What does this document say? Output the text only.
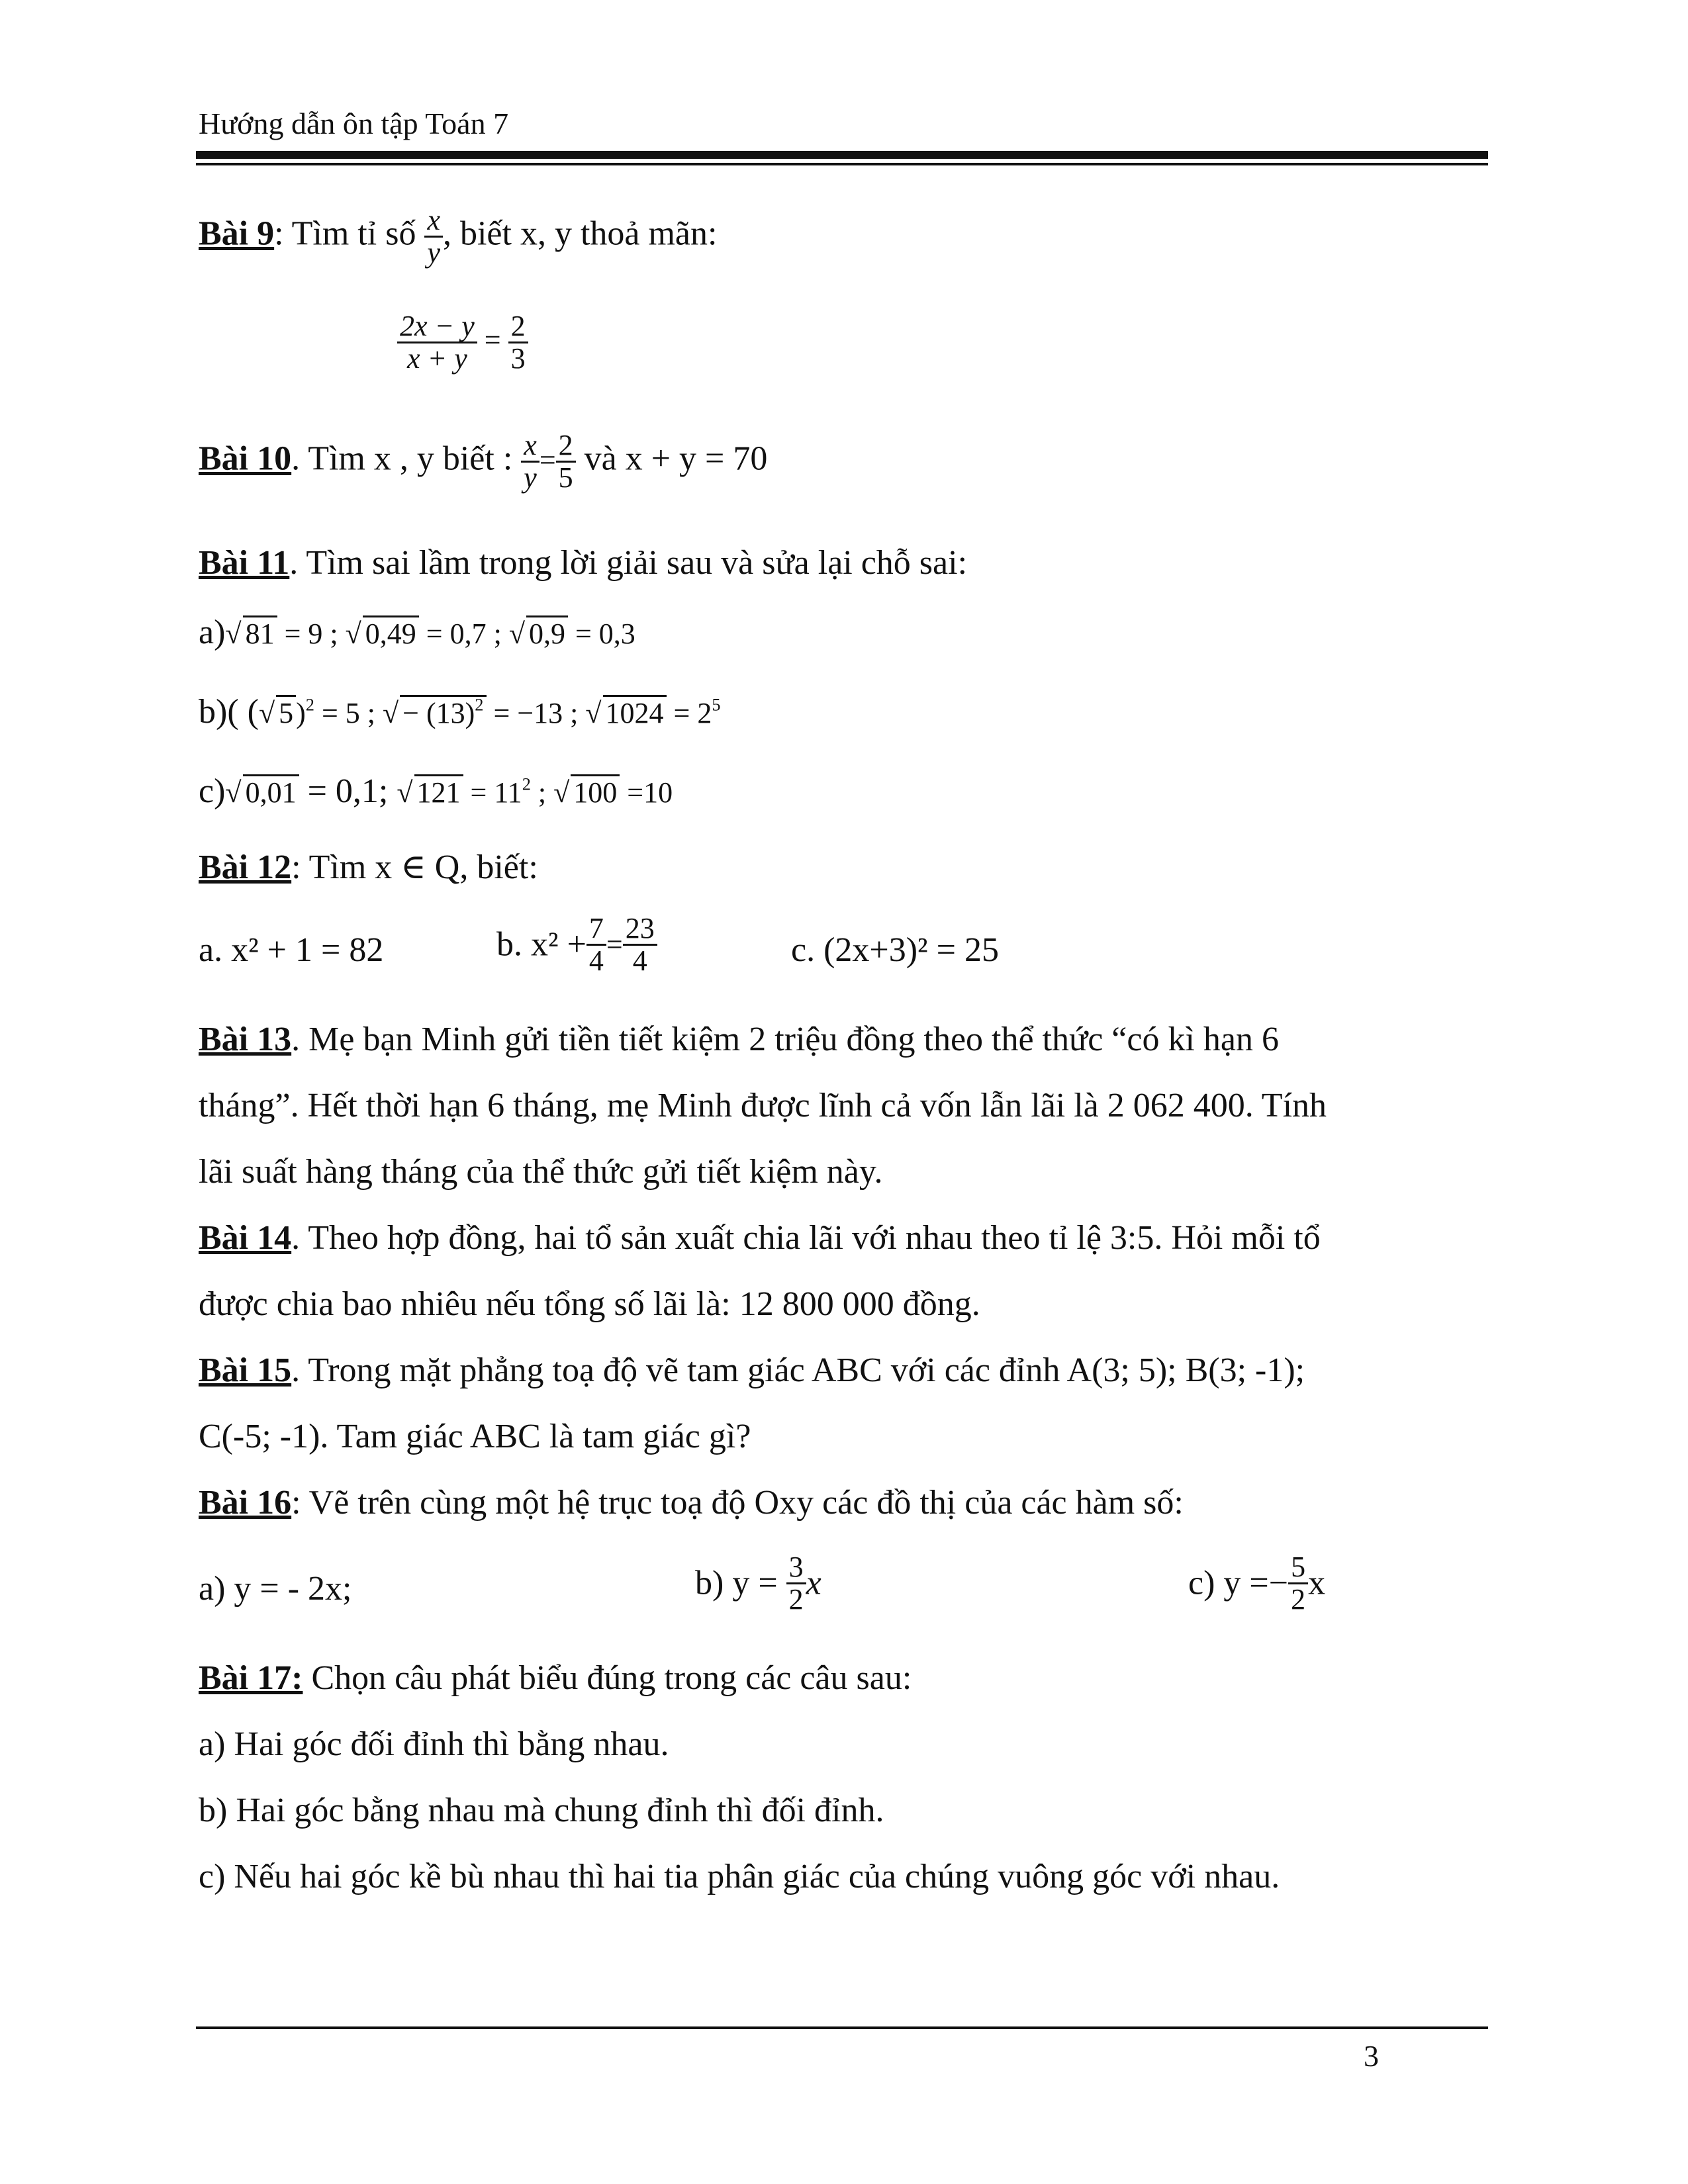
Hướng dẫn ôn tập Toán 7
Bài 9: Tìm tỉ số $\frac{x}{y}$ , biết x, y thoả mãn:
$\frac{2x - y}{x + y} = \frac{2}{3}$
Bài 10. Tìm x , y biết : $\frac{x}{y} = \frac{2}{5}$ và x + y = 70
Bài 11. Tìm sai lầm trong lời giải sau và sửa lại chỗ sai:
a)√ 81 = 9 ; √ 0,49 = 0,7 ; √ 0,9 = 0,3
b)( (√ 5)$^2$ = 5 ; √ − $(13)^2 = -13$ ; √ $1024 = 2^5$
c)√ 0,01 = 0,1; √ $121 = 11^2$ ; √ 100 =10
Bài 12: Tìm x ∈ Q, biết:
a. x² + 1 = 82	b. $x^2 + \frac{7}{4} = \frac{23}{4}$	c. (2x+3)² = 25
Bài 13. Mẹ bạn Minh gửi tiền tiết kiệm 2 triệu đồng theo thể thức “có kì hạn 6
tháng”. Hết thời hạn 6 tháng, mẹ Minh được lĩnh cả vốn lẫn lãi là 2 062 400. Tính
lãi suất hàng tháng của thể thức gửi tiết kiệm này.
Bài 14. Theo hợp đồng, hai tổ sản xuất chia lãi với nhau theo tỉ lệ 3:5. Hỏi mỗi tổ
được chia bao nhiêu nếu tổng số lãi là: 12 800 000 đồng.
Bài 15. Trong mặt phẳng toạ độ vẽ tam giác ABC với các đỉnh A(3; 5); B(3; -1);
C(-5; -1). Tam giác ABC là tam giác gì?
Bài 16: Vẽ trên cùng một hệ trục toạ độ Oxy các đồ thị của các hàm số:
a) y = - 2x;	b) $y = \frac{3}{2}$ x	c) $y =- \frac{5}{2}$ x
Bài 17: Chọn câu phát biểu đúng trong các câu sau:
a) Hai góc đối đỉnh thì bằng nhau.
b) Hai góc bằng nhau mà chung đỉnh thì đối đỉnh.
c) Nếu hai góc kề bù nhau thì hai tia phân giác của chúng vuông góc với nhau.
3
